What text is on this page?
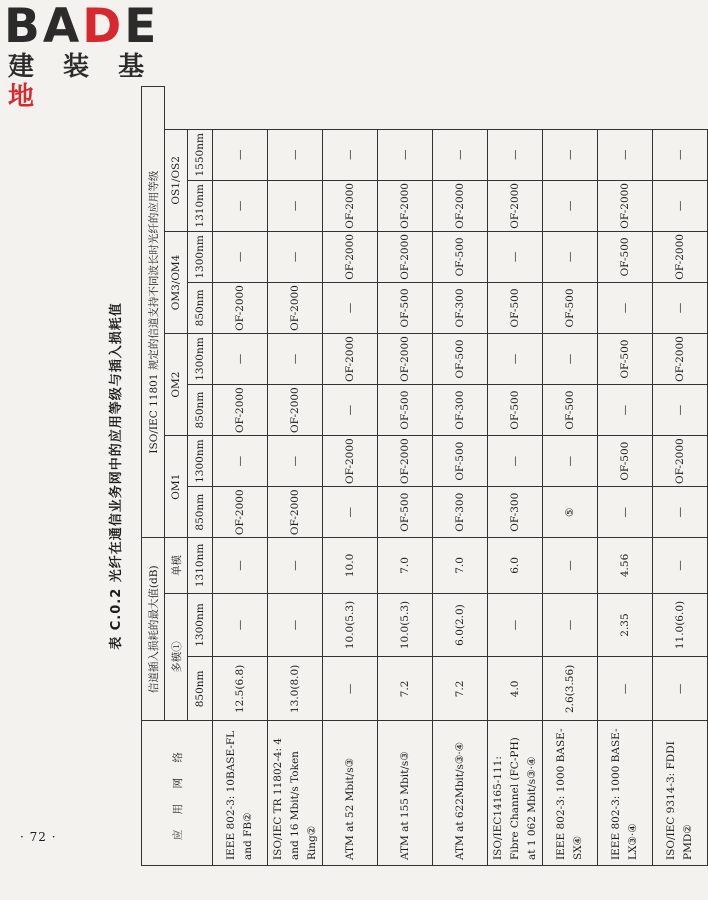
BADE
建 装 基 地
· 72 ·
表 C.0.2 光纤在通信业务网中的应用等级与插入损耗值
应 用 网 络	信道插入损耗的最大值(dB)			ISO/IEC 11801 规定的信道支持不同波长时光纤的应用等级							
	多模①		单模	OM1		OM2		OM3/OM4		OS1/OS2	
	850nm	1300nm	1310nm	850nm	1300nm	850nm	1300nm	850nm	1300nm	1310nm	1550nm
IEEE 802-3: 10BASE-FL and FB②	12.5(6.8)	—	—	OF-2000	—	OF-2000	—	OF-2000	—	—	—
ISO/IEC TR 11802-4: 4 and 16 Mbit/s Token Ring②	13.0(8.0)	—	—	OF-2000	—	OF-2000	—	OF-2000	—	—	—
ATM at 52 Mbit/s③	—	10.0(5.3)	10.0	—	OF-2000	—	OF-2000	—	OF-2000	OF-2000	—
ATM at 155 Mbit/s③	7.2	10.0(5.3)	7.0	OF-500	OF-2000	OF-500	OF-2000	OF-500	OF-2000	OF-2000	—
ATM at 622Mbit/s③·④	7.2	6.0(2.0)	7.0	OF-300	OF-500	OF-300	OF-500	OF-300	OF-500	OF-2000	—
ISO/IEC14165-111: Fibre Channel (FC-PH) at 1 062 Mbit/s③·④	4.0	—	6.0	OF-300	—	OF-500	—	OF-500	—	OF-2000	—
IEEE 802-3: 1000 BASE-SX④	2.6(3.56)	—	—	⑤	—	OF-500	—	OF-500	—	—	—
IEEE 802-3: 1000 BASE-LX③·④	—	2.35	4.56	—	OF-500	—	OF-500	—	OF-500	OF-2000	—
ISO/IEC 9314-3: FDDI PMD②	—	11.0(6.0)	—	—	OF-2000	—	OF-2000	—	OF-2000	—	—
